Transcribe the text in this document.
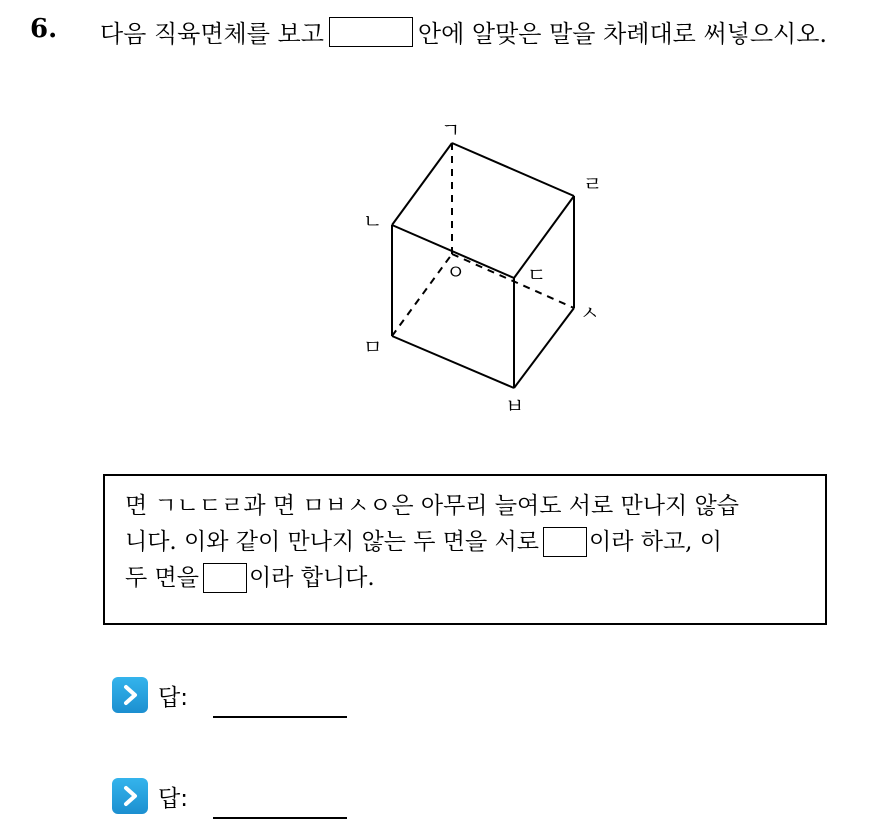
6. 다음 직육면체를 보고	안에 알맞은 말을 차례대로 써넣으시오.
ㄱ
ㄴ
ㄹ
ㅇ	ㄷ
ㅅ
ㅁ
ㅂ
면 ㄱㄴㄷㄹ과 면 ㅁㅂㅅㅇ은 아무리 늘여도 서로 만나지 않습
니다. 이와 같이 만나지 않는 두 면을 서로 이라 하고, 이
두 면을 이라 합니다.
답:
답:
